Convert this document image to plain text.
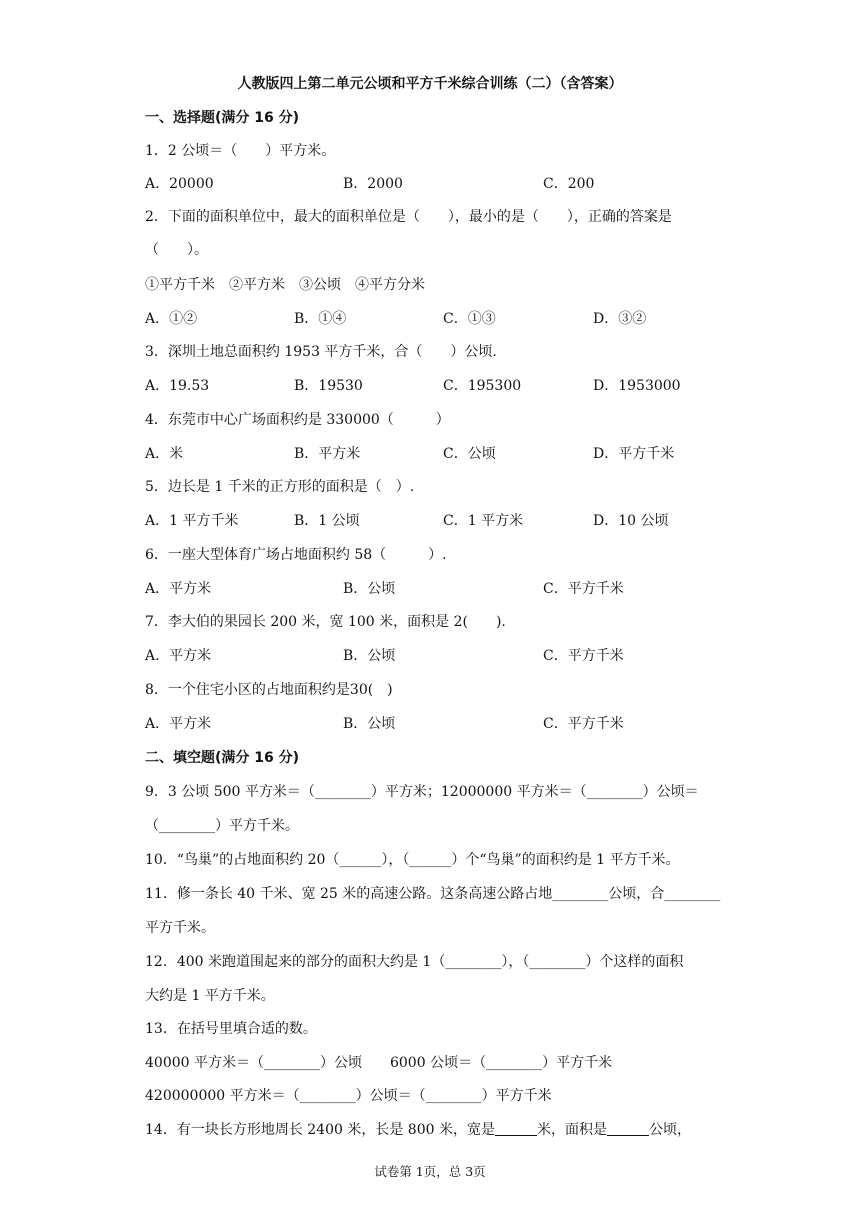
人教版四上第二单元公顷和平方千米综合训练（二）（含答案）
一、选择题(满分 16 分)
1．2 公顷＝（　　）平方米。
A．20000	B．2000	C．200
2．下面的面积单位中，最大的面积单位是（　　），最小的是（　　），正确的答案是
（　　）。
①平方千米　②平方米　③公顷　④平方分米
A．①②	B．①④	C．①③	D．③②
3．深圳土地总面积约 1953 平方千米，合（　　）公顷.
A．19.53	B．19530	C．195300	D．1953000
4．东莞市中心广场面积约是 330000（　　　）
A．米	B．平方米	C．公顷	D．平方千米
5．边长是 1 千米的正方形的面积是（　）.
A．1 平方千米	B．1 公顷	C．1 平方米	D．10 公顷
6．一座大型体育广场占地面积约 58（　　　）.
A．平方米	B．公顷	C．平方千米
7．李大伯的果园长 200 米，宽 100 米，面积是 2(　　).
A．平方米	B．公顷	C．平方千米
8．一个住宅小区的占地面积约是30(　)
A．平方米	B．公顷	C．平方千米
二、填空题(满分 16 分)
9．3 公顷 500 平方米＝（________）平方米；12000000 平方米＝（________）公顷＝
（________）平方千米。
10．“鸟巢”的占地面积约 20（______），（______）个“鸟巢”的面积约是 1 平方千米。
11．修一条长 40 千米、宽 25 米的高速公路。这条高速公路占地________公顷，合________
平方千米。
12．400 米跑道围起来的部分的面积大约是 1（________），（________）个这样的面积
大约是 1 平方千米。
13．在括号里填合适的数。
40000 平方米＝（________）公顷　　6000 公顷＝（________）平方千米
420000000 平方米＝（________）公顷＝（________）平方千米
14．有一块长方形地周长 2400 米，长是 800 米，宽是　　　	米，面积是　　　	公顷，
试卷第 1页，总 3页
